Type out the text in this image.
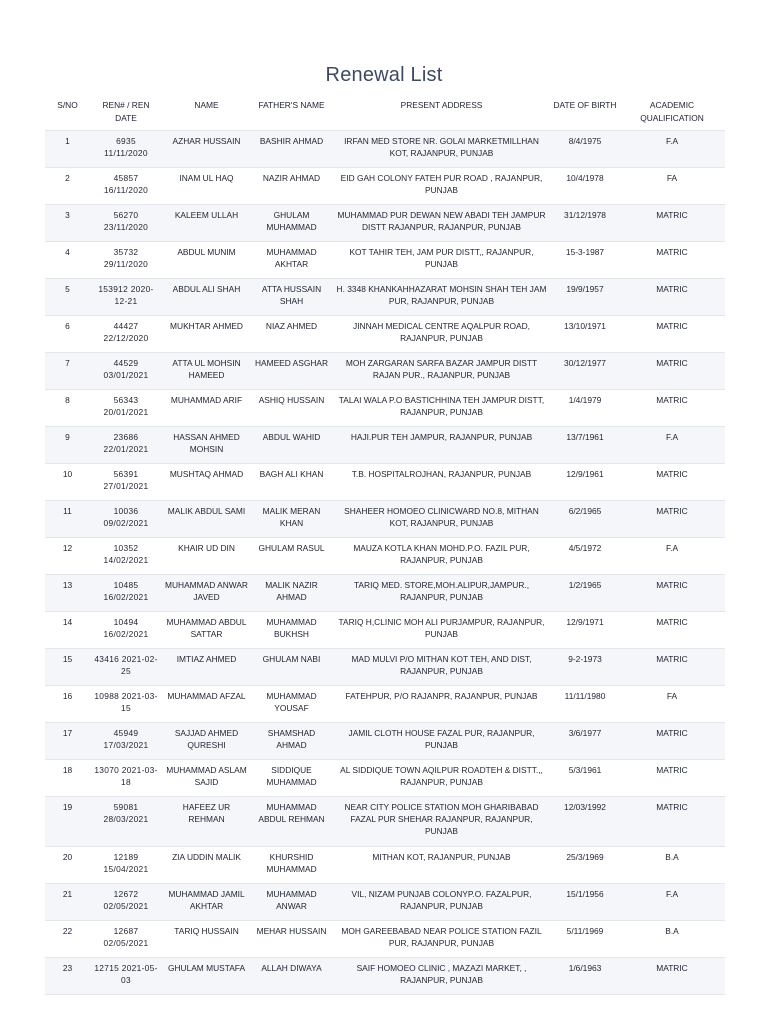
Renewal List
S/NO	REN# / REN DATE	NAME	FATHER'S NAME	PRESENT ADDRESS	DATE OF BIRTH	ACADEMIC QUALIFICATION
1	6935 11/11/2020	AZHAR HUSSAIN	BASHIR AHMAD	IRFAN MED STORE NR. GOLAI MARKETMILLHAN KOT, RAJANPUR, PUNJAB	8/4/1975	F.A
2	45857 16/11/2020	INAM UL HAQ	NAZIR AHMAD	EID GAH COLONY FATEH PUR ROAD , RAJANPUR, PUNJAB	10/4/1978	FA
3	56270 23/11/2020	KALEEM ULLAH	GHULAM MUHAMMAD	MUHAMMAD PUR DEWAN NEW ABADI TEH JAMPUR DISTT RAJANPUR, RAJANPUR, PUNJAB	31/12/1978	MATRIC
4	35732 29/11/2020	ABDUL MUNIM	MUHAMMAD AKHTAR	KOT TAHIR TEH, JAM PUR DISTT,, RAJANPUR, PUNJAB	15-3-1987	MATRIC
5	153912 2020-12-21	ABDUL ALI SHAH	ATTA HUSSAIN SHAH	H. 3348 KHANKAHHAZARAT MOHSIN SHAH TEH JAM PUR, RAJANPUR, PUNJAB	19/9/1957	MATRIC
6	44427 22/12/2020	MUKHTAR AHMED	NIAZ AHMED	JINNAH MEDICAL CENTRE AQALPUR ROAD, RAJANPUR, PUNJAB	13/10/1971	MATRIC
7	44529 03/01/2021	ATTA UL MOHSIN HAMEED	HAMEED ASGHAR	MOH ZARGARAN SARFA BAZAR JAMPUR DISTT RAJAN PUR., RAJANPUR, PUNJAB	30/12/1977	MATRIC
8	56343 20/01/2021	MUHAMMAD ARIF	ASHIQ HUSSAIN	TALAI WALA P.O BASTICHHINA TEH JAMPUR DISTT, RAJANPUR, PUNJAB	1/4/1979	MATRIC
9	23686 22/01/2021	HASSAN AHMED MOHSIN	ABDUL WAHID	HAJI.PUR TEH JAMPUR, RAJANPUR, PUNJAB	13/7/1961	F.A
10	56391 27/01/2021	MUSHTAQ AHMAD	BAGH ALI KHAN	T.B. HOSPITALROJHAN, RAJANPUR, PUNJAB	12/9/1961	MATRIC
11	10036 09/02/2021	MALIK ABDUL SAMI	MALIK MERAN KHAN	SHAHEER HOMOEO CLINICWARD NO.8, MITHAN KOT, RAJANPUR, PUNJAB	6/2/1965	MATRIC
12	10352 14/02/2021	KHAIR UD DIN	GHULAM RASUL	MAUZA KOTLA KHAN MOHD.P.O. FAZIL PUR, RAJANPUR, PUNJAB	4/5/1972	F.A
13	10485 16/02/2021	MUHAMMAD ANWAR JAVED	MALIK NAZIR AHMAD	TARIQ MED. STORE,MOH.ALIPUR,JAMPUR., RAJANPUR, PUNJAB	1/2/1965	MATRIC
14	10494 16/02/2021	MUHAMMAD ABDUL SATTAR	MUHAMMAD BUKHSH	TARIQ H,CLINIC MOH ALI PURJAMPUR, RAJANPUR, PUNJAB	12/9/1971	MATRIC
15	43416 2021-02-25	IMTIAZ AHMED	GHULAM NABI	MAD MULVI P/O MITHAN KOT TEH, AND DIST, RAJANPUR, PUNJAB	9-2-1973	MATRIC
16	10988 2021-03-15	MUHAMMAD AFZAL	MUHAMMAD YOUSAF	FATEHPUR, P/O RAJANPR, RAJANPUR, PUNJAB	11/11/1980	FA
17	45949 17/03/2021	SAJJAD AHMED QURESHI	SHAMSHAD AHMAD	JAMIL CLOTH HOUSE FAZAL PUR, RAJANPUR, PUNJAB	3/6/1977	MATRIC
18	13070 2021-03-18	MUHAMMAD ASLAM SAJID	SIDDIQUE MUHAMMAD	AL SIDDIQUE TOWN AQILPUR ROADTEH & DISTT.,, RAJANPUR, PUNJAB	5/3/1961	MATRIC
19	59081 28/03/2021	HAFEEZ UR REHMAN	MUHAMMAD ABDUL REHMAN	NEAR CITY POLICE STATION MOH GHARIBABAD FAZAL PUR SHEHAR RAJANPUR, RAJANPUR, PUNJAB	12/03/1992	MATRIC
20	12189 15/04/2021	ZIA UDDIN MALIK	KHURSHID MUHAMMAD	MITHAN KOT, RAJANPUR, PUNJAB	25/3/1969	B.A
21	12672 02/05/2021	MUHAMMAD JAMIL AKHTAR	MUHAMMAD ANWAR	VIL, NIZAM PUNJAB COLONYP.O. FAZALPUR, RAJANPUR, PUNJAB	15/1/1956	F.A
22	12687 02/05/2021	TARIQ HUSSAIN	MEHAR HUSSAIN	MOH GAREEBABAD NEAR POLICE STATION FAZIL PUR, RAJANPUR, PUNJAB	5/11/1969	B.A
23	12715 2021-05-03	GHULAM MUSTAFA	ALLAH DIWAYA	SAIF HOMOEO CLINIC , MAZAZI MARKET, , RAJANPUR, PUNJAB	1/6/1963	MATRIC
